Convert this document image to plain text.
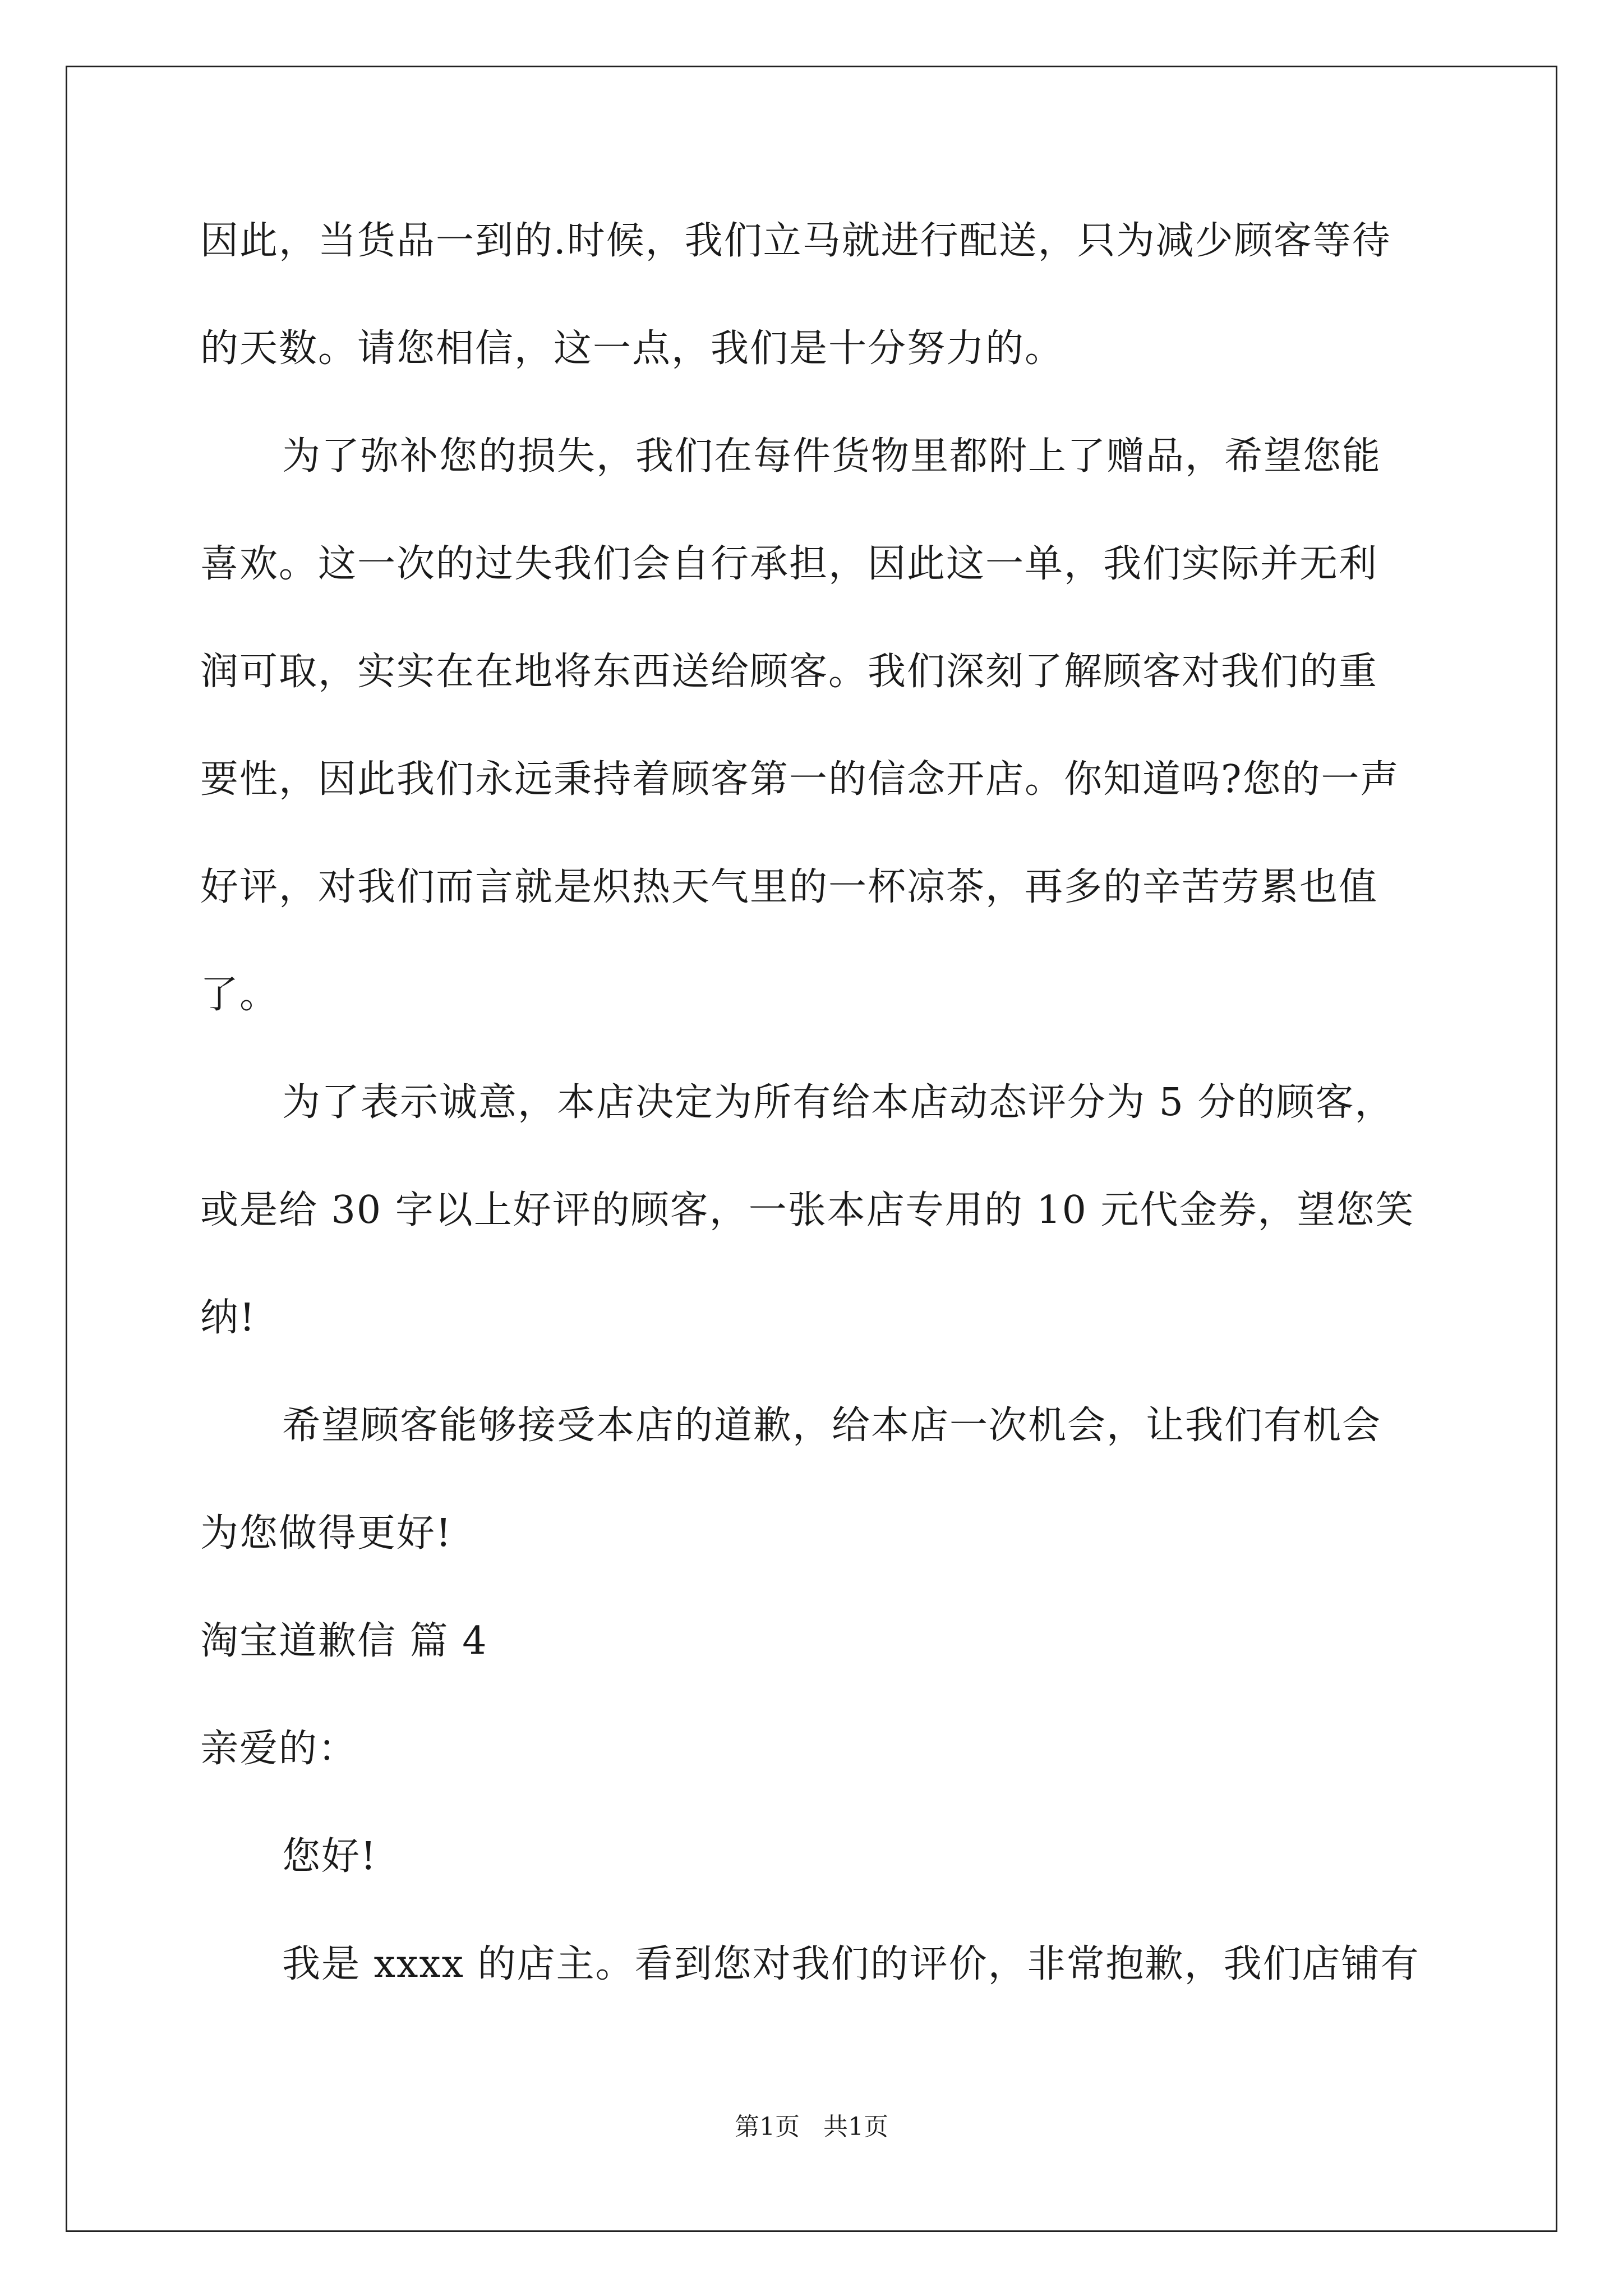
因此，当货品一到的.时候，我们立马就进行配送，只为减少顾客等待
的天数。请您相信，这一点，我们是十分努力的。
为了弥补您的损失，我们在每件货物里都附上了赠品，希望您能
喜欢。这一次的过失我们会自行承担，因此这一单，我们实际并无利
润可取，实实在在地将东西送给顾客。我们深刻了解顾客对我们的重
要性，因此我们永远秉持着顾客第一的信念开店。你知道吗?您的一声
好评，对我们而言就是炽热天气里的一杯凉茶，再多的辛苦劳累也值
了。
为了表示诚意，本店决定为所有给本店动态评分为 5 分的顾客，
或是给 30 字以上好评的顾客，一张本店专用的 10 元代金券，望您笑
纳!
希望顾客能够接受本店的道歉，给本店一次机会，让我们有机会
为您做得更好!
淘宝道歉信 篇 4
亲爱的：
您好!
我是 xxxx 的店主。看到您对我们的评价，非常抱歉，我们店铺有
第1页   共1页
